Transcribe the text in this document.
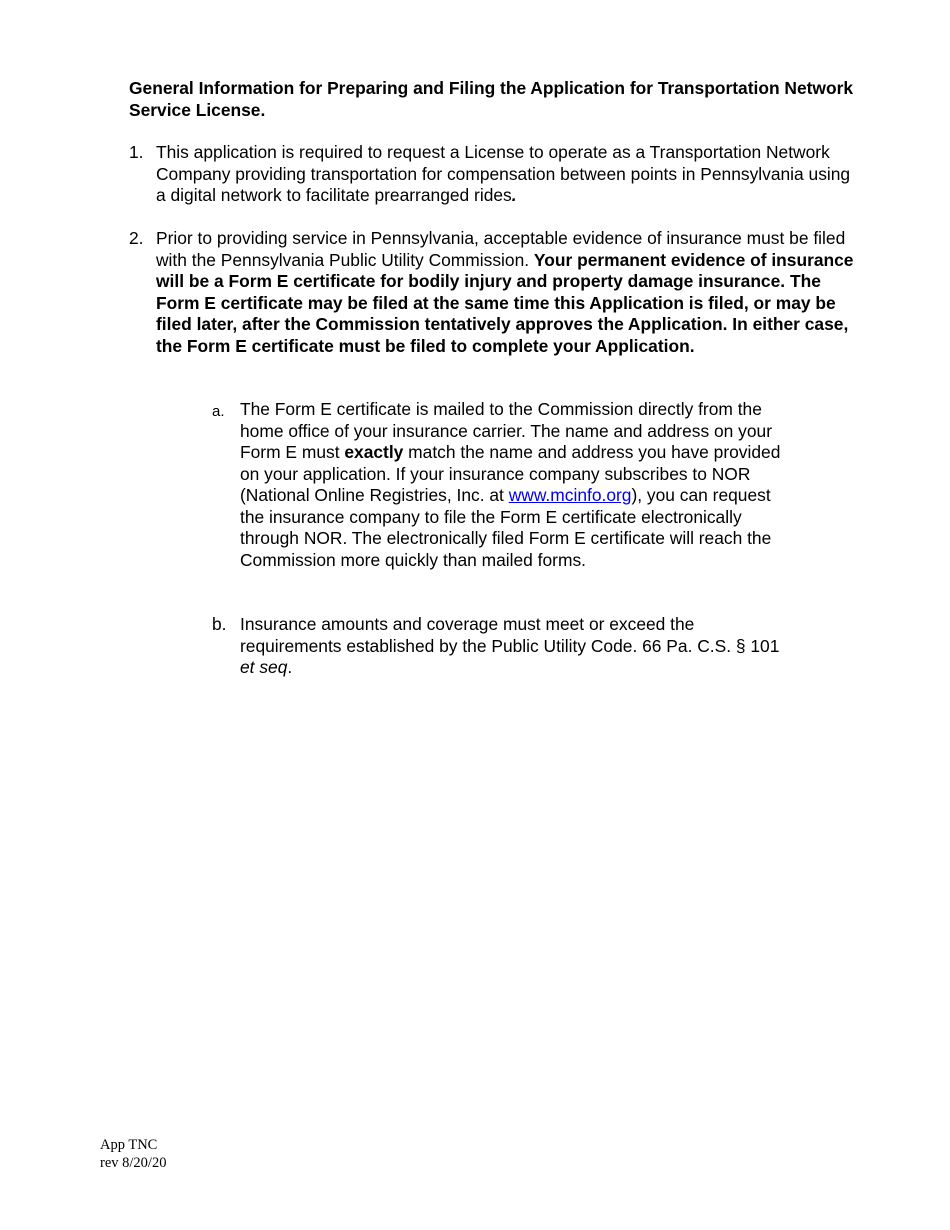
General Information for Preparing and Filing the Application for Transportation Network Service License.
1. This application is required to request a License to operate as a Transportation Network Company providing transportation for compensation between points in Pennsylvania using a digital network to facilitate prearranged rides.
2. Prior to providing service in Pennsylvania, acceptable evidence of insurance must be filed with the Pennsylvania Public Utility Commission. Your permanent evidence of insurance will be a Form E certificate for bodily injury and property damage insurance. The Form E certificate may be filed at the same time this Application is filed, or may be filed later, after the Commission tentatively approves the Application. In either case, the Form E certificate must be filed to complete your Application.
a. The Form E certificate is mailed to the Commission directly from the home office of your insurance carrier. The name and address on your Form E must exactly match the name and address you have provided on your application. If your insurance company subscribes to NOR (National Online Registries, Inc. at www.mcinfo.org), you can request the insurance company to file the Form E certificate electronically through NOR. The electronically filed Form E certificate will reach the Commission more quickly than mailed forms.
b. Insurance amounts and coverage must meet or exceed the requirements established by the Public Utility Code. 66 Pa. C.S. § 101 et seq.
App TNC
rev 8/20/20
